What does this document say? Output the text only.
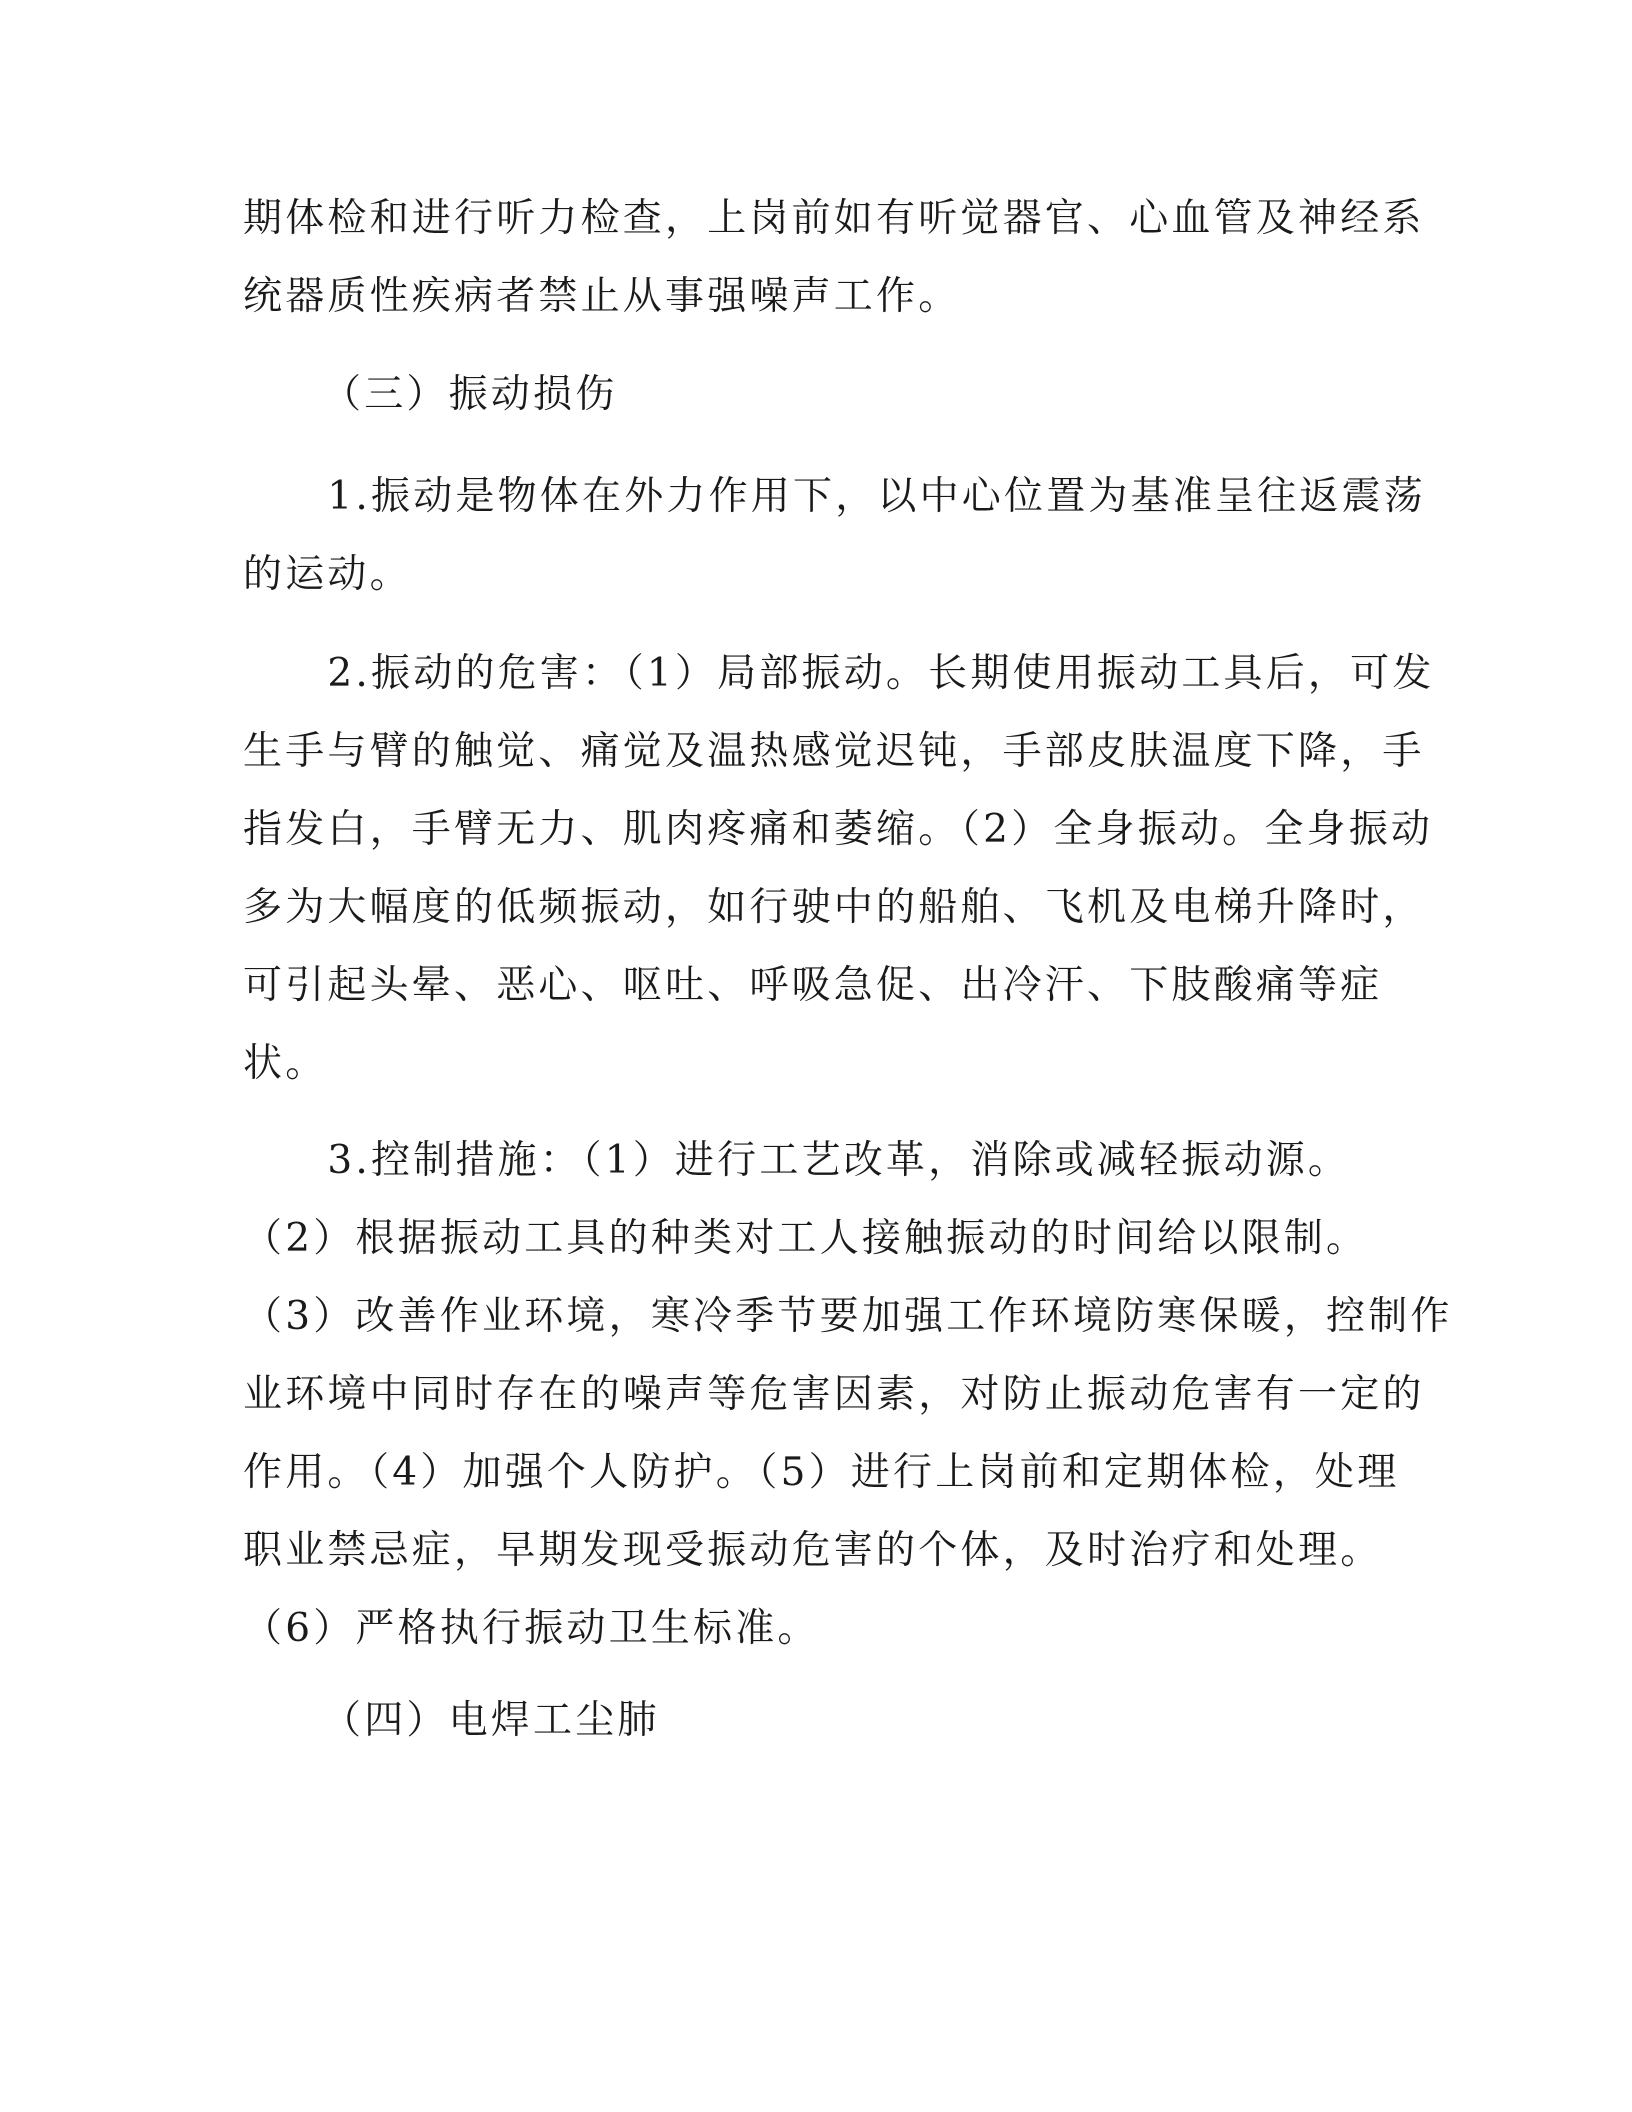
期体检和进行听力检查，上岗前如有听觉器官、心血管及神经系
统器质性疾病者禁止从事强噪声工作。
（三）振动损伤
　　1.振动是物体在外力作用下，以中心位置为基准呈往返震荡
的运动。
　　2.振动的危害：（1）局部振动。长期使用振动工具后，可发
生手与臂的触觉、痛觉及温热感觉迟钝，手部皮肤温度下降，手
指发白，手臂无力、肌肉疼痛和萎缩。（2）全身振动。全身振动
多为大幅度的低频振动，如行驶中的船舶、飞机及电梯升降时，
可引起头晕、恶心、呕吐、呼吸急促、出冷汗、下肢酸痛等症
状。
　　3.控制措施：（1）进行工艺改革，消除或减轻振动源。
（2）根据振动工具的种类对工人接触振动的时间给以限制。
（3）改善作业环境，寒冷季节要加强工作环境防寒保暖，控制作
业环境中同时存在的噪声等危害因素，对防止振动危害有一定的
作用。（4）加强个人防护。（5）进行上岗前和定期体检，处理
职业禁忌症，早期发现受振动危害的个体，及时治疗和处理。
（6）严格执行振动卫生标准。
（四）电焊工尘肺
